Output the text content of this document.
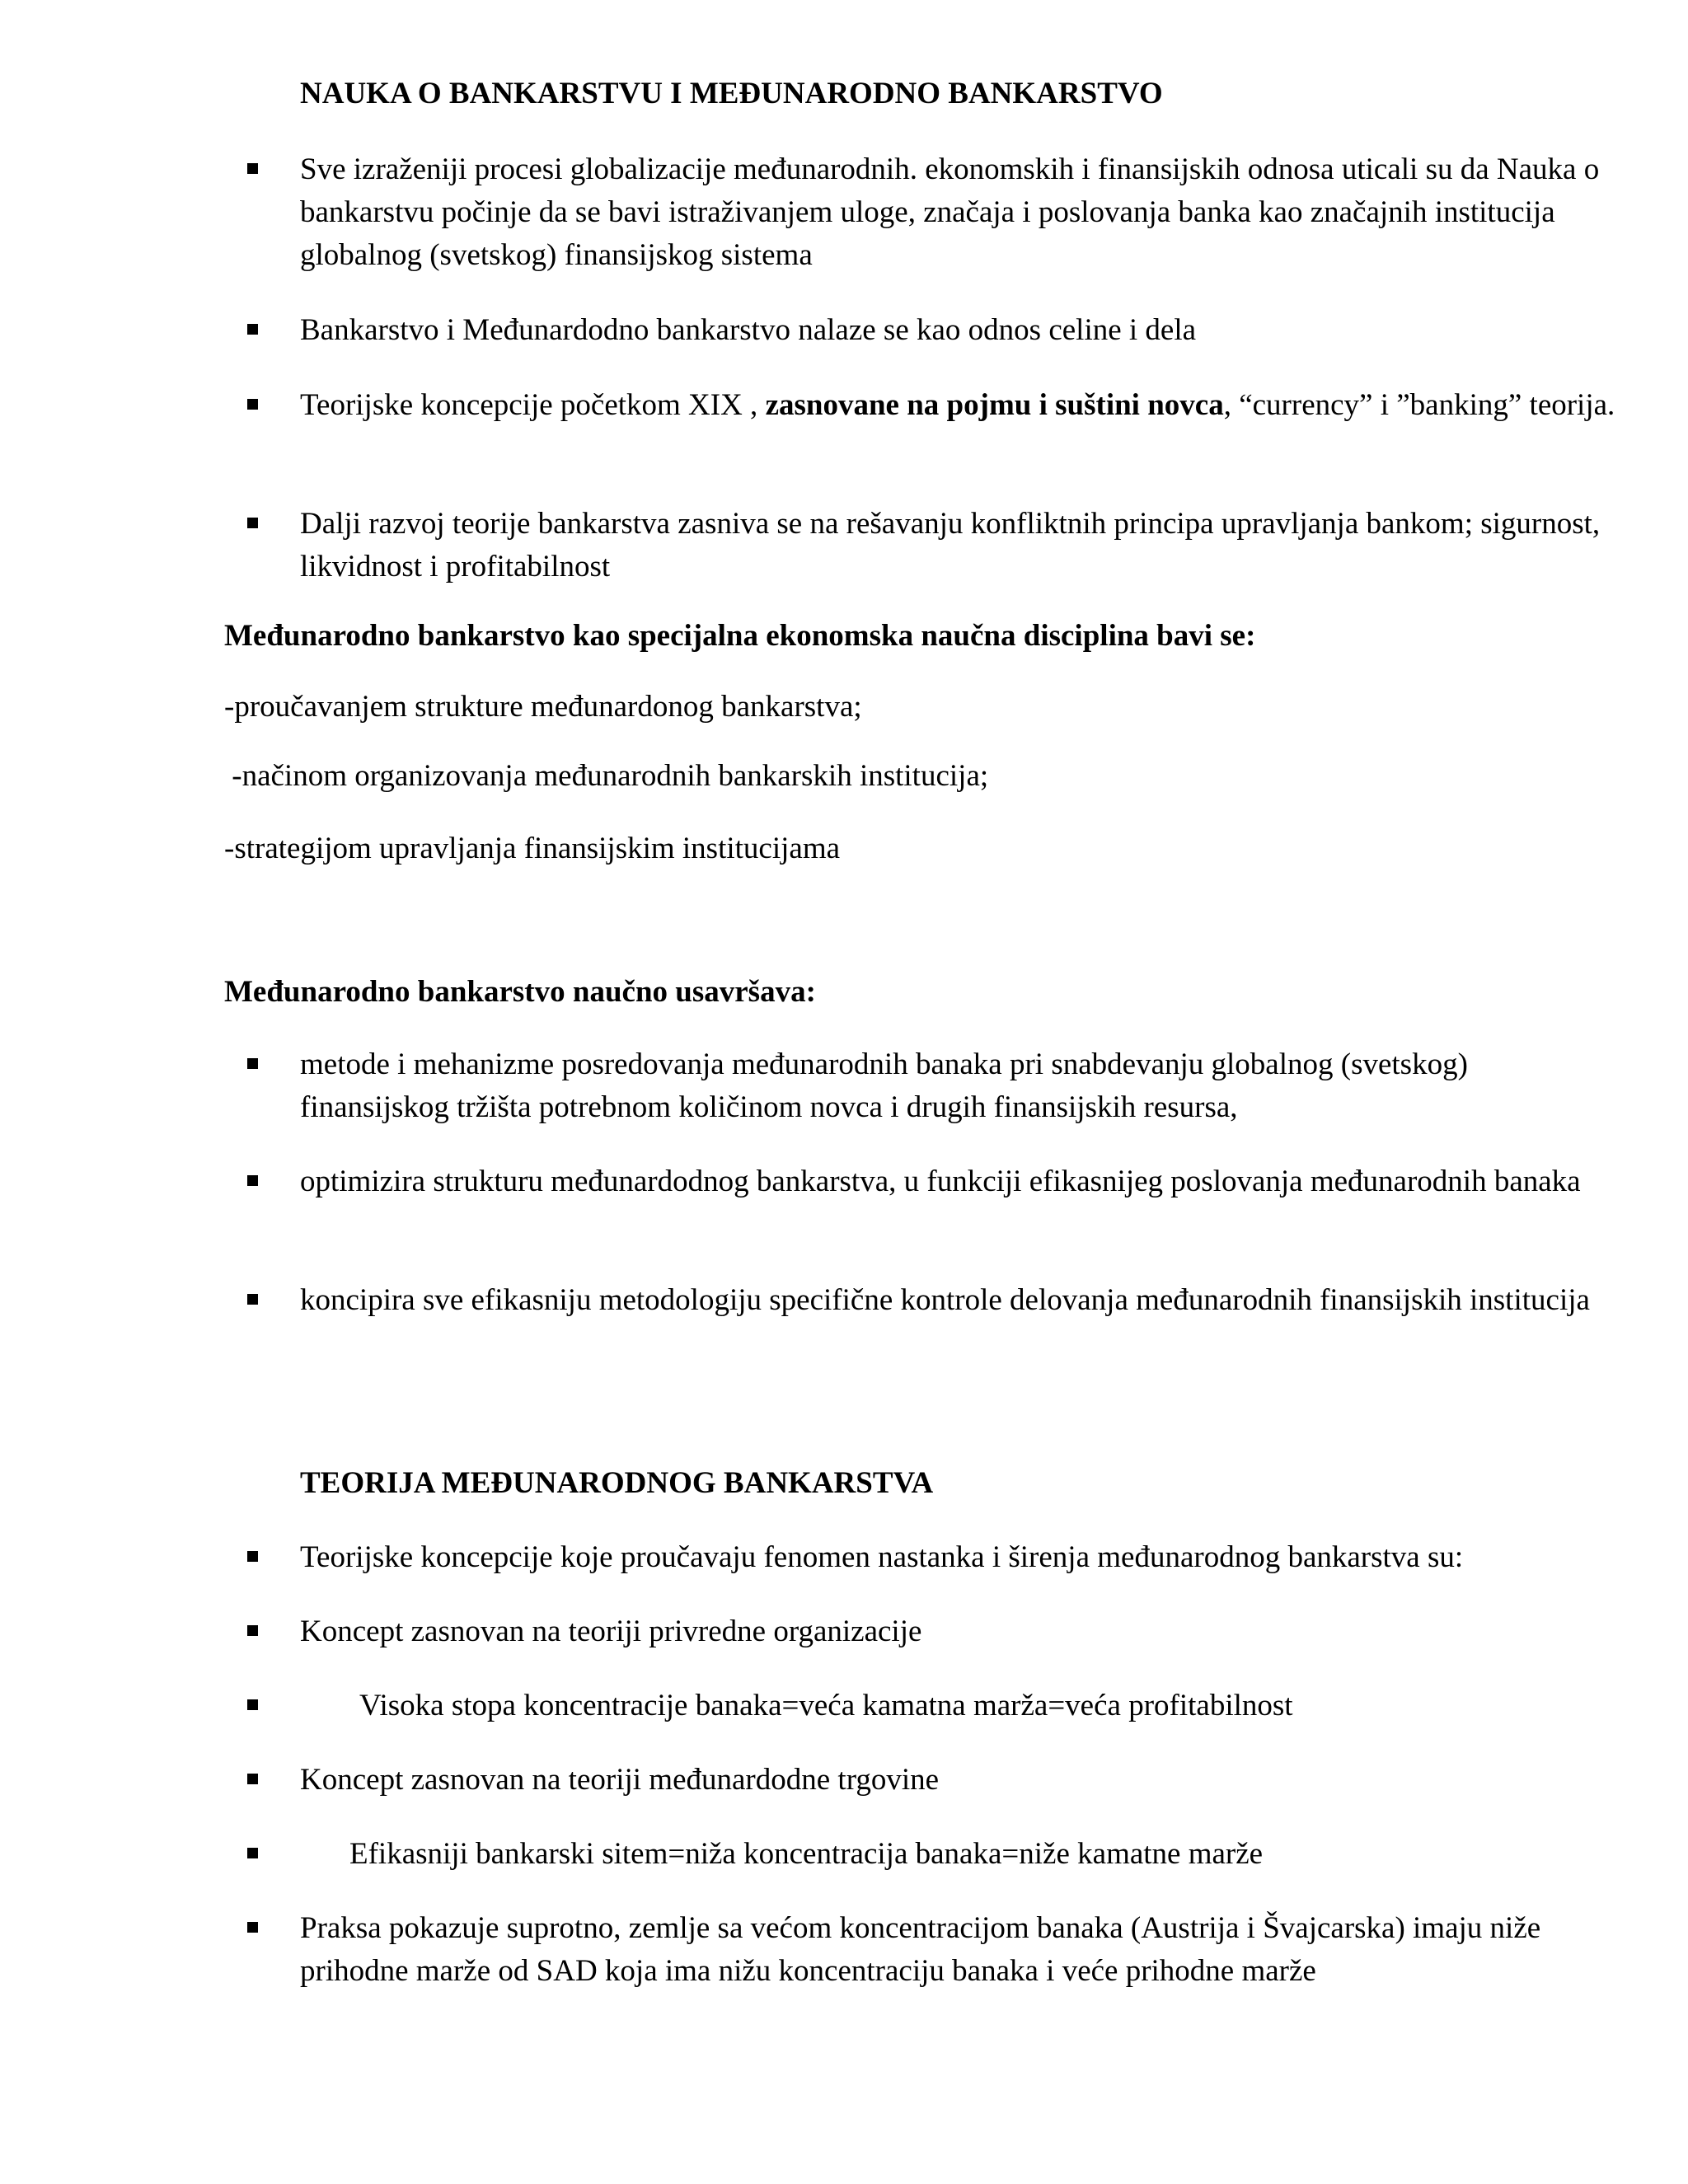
NAUKA O BANKARSTVU I MEĐUNARODNO BANKARSTVO
Sve izraženiji procesi globalizacije međunarodnih. ekonomskih i finansijskih odnosa uticali su da Nauka o bankarstvu počinje da se bavi istraživanjem uloge, značaja i poslovanja banka kao značajnih institucija globalnog (svetskog) finansijskog sistema
Bankarstvo i Međunardodno bankarstvo nalaze se kao odnos celine i dela
Teorijske koncepcije početkom XIX , zasnovane na pojmu i suštini novca, “currency” i ”banking” teorija.
Dalji razvoj teorije bankarstva zasniva se na rešavanju konfliktnih principa upravljanja bankom; sigurnost, likvidnost i profitabilnost
Međunarodno bankarstvo kao specijalna ekonomska naučna disciplina bavi se:
-proučavanjem strukture međunardonog bankarstva;
-načinom organizovanja međunarodnih bankarskih institucija;
-strategijom upravljanja finansijskim institucijama
Međunarodno bankarstvo naučno usavršava:
metode i mehanizme posredovanja međunarodnih banaka pri snabdevanju globalnog (svetskog) finansijskog tržišta potrebnom količinom novca i drugih finansijskih resursa,
optimizira strukturu međunardodnog bankarstva, u funkciji efikasnijeg poslovanja međunarodnih banaka
koncipira sve efikasniju metodologiju specifične kontrole delovanja međunarodnih finansijskih institucija
TEORIJA MEĐUNARODNOG BANKARSTVA
Teorijske koncepcije koje proučavaju fenomen nastanka i širenja međunarodnog bankarstva su:
Koncept zasnovan na teoriji privredne organizacije
Visoka stopa koncentracije banaka=veća kamatna marža=veća profitabilnost
Koncept zasnovan na teoriji međunardodne trgovine
Efikasniji bankarski sitem=niža koncentracija banaka=niže kamatne marže
Praksa pokazuje suprotno, zemlje sa većom koncentracijom banaka (Austrija i Švajcarska) imaju niže prihodne marže od SAD koja ima nižu koncentraciju banaka i veće prihodne marže
